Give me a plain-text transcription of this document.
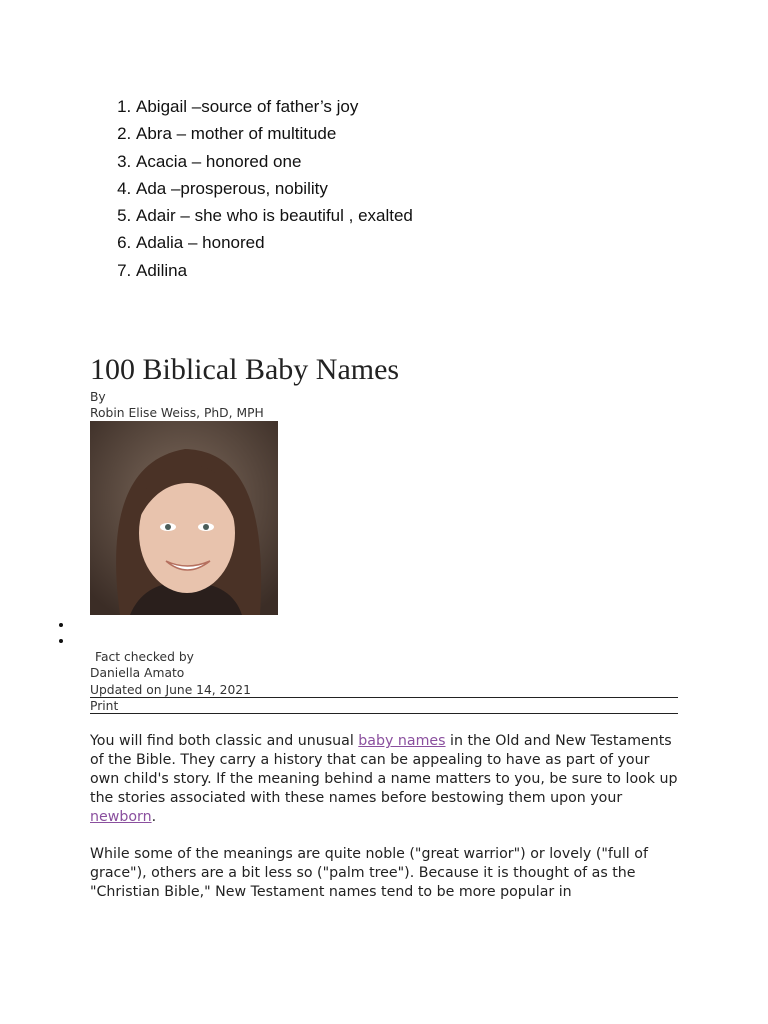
1. Abigail –source of father’s joy
2. Abra – mother of multitude
3. Acacia – honored one
4. Ada –prosperous, nobility
5. Adair – she who is beautiful , exalted
6. Adalia – honored
7. Adilina
100 Biblical Baby Names
By
Robin Elise Weiss, PhD, MPH
•
•
Fact checked by
Daniella Amato
Updated on June 14, 2021
Print

You will find both classic and unusual baby names in the Old and New Testaments of the Bible. They carry a history that can be appealing to have as part of your own child's story. If the meaning behind a name matters to you, be sure to look up the stories associated with these names before bestowing them upon your newborn.

While some of the meanings are quite noble ("great warrior") or lovely ("full of grace"), others are a bit less so ("palm tree"). Because it is thought of as the "Christian Bible," New Testament names tend to be more popular in
